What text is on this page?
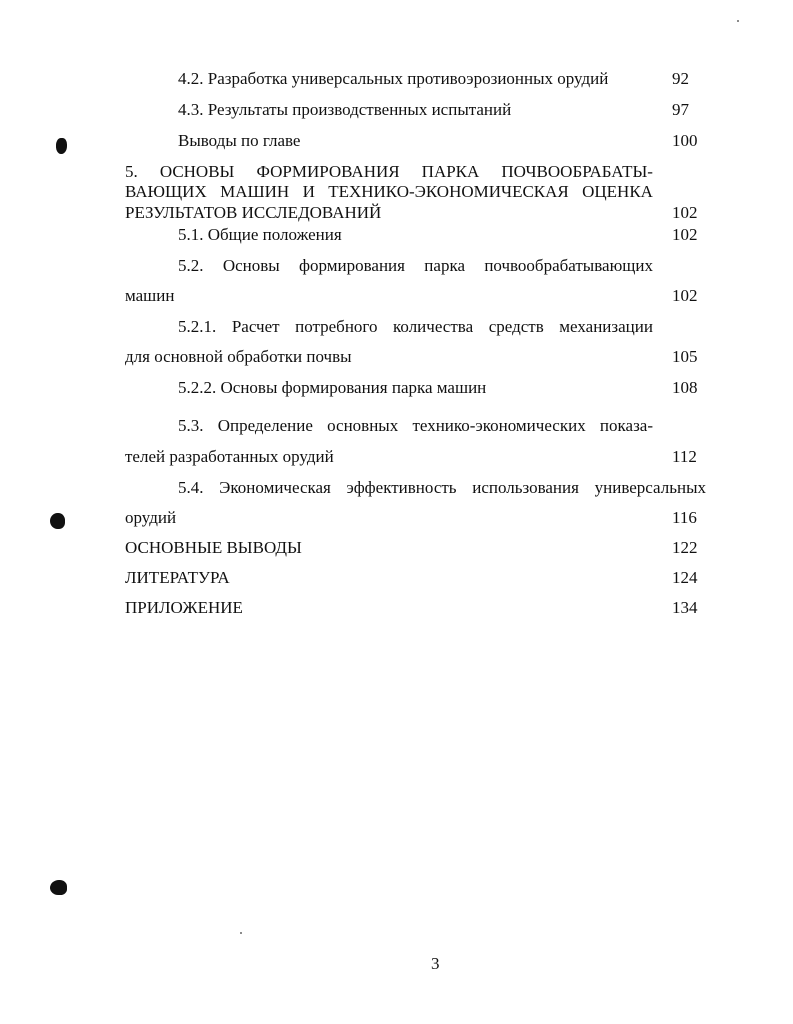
4.2. Разработка универсальных противоэрозионных орудий	92
4.3. Результаты производственных испытаний	97
Выводы по главе	100
5. ОСНОВЫ ФОРМИРОВАНИЯ ПАРКА ПОЧВООБРАБАТЫ-
ВАЮЩИХ МАШИН И ТЕХНИКО-ЭКОНОМИЧЕСКАЯ ОЦЕНКА
РЕЗУЛЬТАТОВ ИССЛЕДОВАНИЙ	102
5.1. Общие положения	102
5.2. Основы формирования парка почвообрабатывающих
машин	102
5.2.1. Расчет потребного количества средств механизации
для основной обработки почвы	105
5.2.2. Основы формирования парка машин	108
5.3. Определение основных технико-экономических показа-
телей разработанных орудий	112
5.4. Экономическая эффективность использования универсальных
орудий	116
ОСНОВНЫЕ ВЫВОДЫ	122
ЛИТЕРАТУРА	124
ПРИЛОЖЕНИЕ	134
3
